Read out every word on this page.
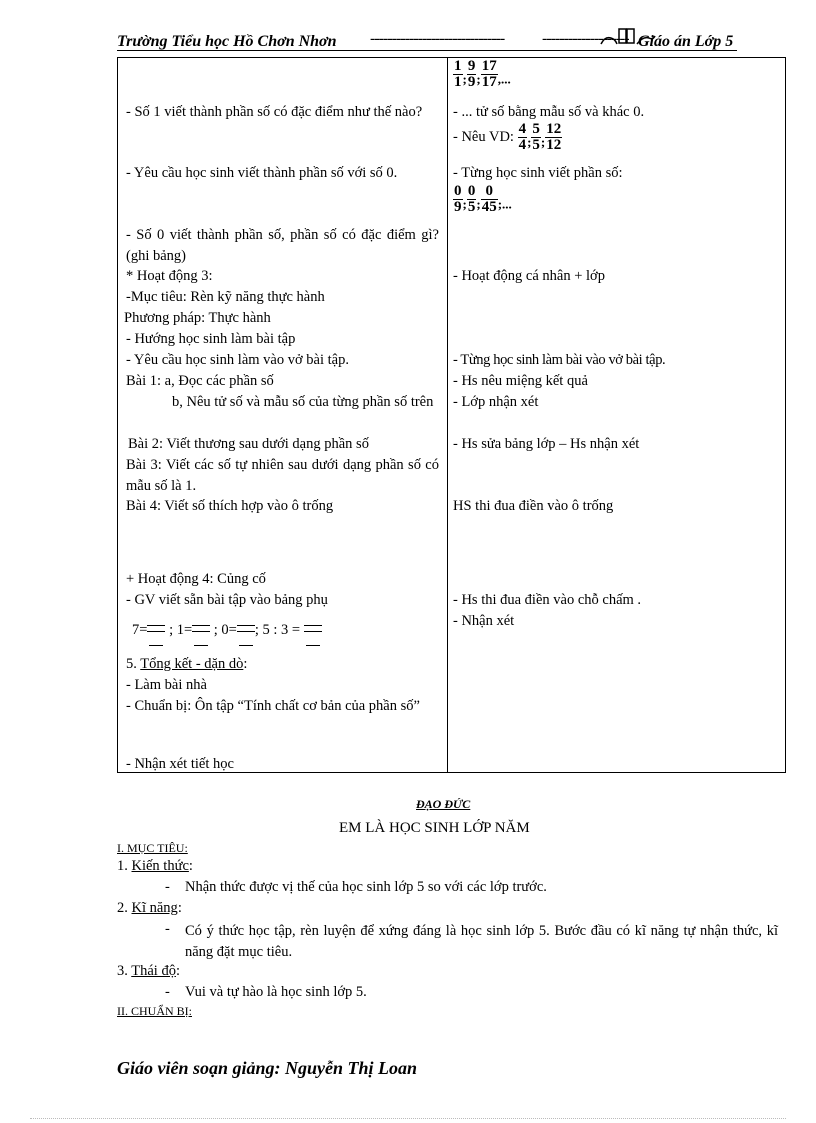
Trường Tiểu học Hồ Chơn Nhơn ------------------------------- -------------------- Giáo án Lớp 5
- Số 1 viết thành phần số có đặc điểm như thế nào?
- Yêu cầu học sinh viết thành phần số với số 0.
- Số 0 viết thành phần số, phần số có đặc điểm gì? (ghi bảng)
* Hoạt động 3:
-Mục tiêu: Rèn kỹ năng thực hành
Phương pháp: Thực hành
- Hướng học sinh làm bài tập
- Yêu cầu học sinh làm vào vở bài tập.
Bài 1: a, Đọc các phần số
b, Nêu tử số và mẫu số của từng phần số trên
Bài 2: Viết thương sau dưới dạng phần số
Bài 3: Viết các số tự nhiên sau dưới dạng phần số có mẫu số là 1.
Bài 4: Viết số thích hợp vào ô trống
+ Hoạt động 4: Củng cố
- GV viết sẵn bài tập vào bảng phụ
7= ; 1= ; 0= ; 5 : 3 =
5. Tổng kết - dặn dò:
- Làm bài nhà
- Chuẩn bị: Ôn tập “Tính chất cơ bản của phần số”
- Nhận xét tiết học
$\frac{1}{1}$ ; $\frac{9}{9}$ ; $\frac{17}{17}$ ,...
- ... tử số bằng mẫu số và khác 0.
- Nêu VD: $\frac{4}{4}$ ; $\frac{5}{5}$ ; $\frac{12}{12}$
- Từng học sinh viết phần số:
$\frac{0}{9}$ ; $\frac{0}{5}$ ; $\frac{0}{45}$ ;...
- Hoạt động cá nhân + lớp
- Từng học sinh làm bài vào vở bài tập.
- Hs nêu miệng kết quả
- Lớp nhận xét
- Hs sửa bảng lớp – Hs nhận xét
HS thi đua điền vào ô trống
- Hs thi đua điền vào chỗ chấm .
- Nhận xét
ĐẠO ĐỨC
EM LÀ HỌC SINH LỚP NĂM
I. MỤC TIÊU:
1. Kiến thức:
- Nhận thức được vị thế của học sinh lớp 5 so với các lớp trước.
2. Kĩ năng:
- Có ý thức học tập, rèn luyện để xứng đáng là học sinh lớp 5. Bước đầu có kĩ năng tự nhận thức, kĩ năng đặt mục tiêu.
3. Thái độ:
- Vui và tự hào là học sinh lớp 5.
II. CHUẨN BỊ:
Giáo viên soạn giảng: Nguyễn Thị Loan
